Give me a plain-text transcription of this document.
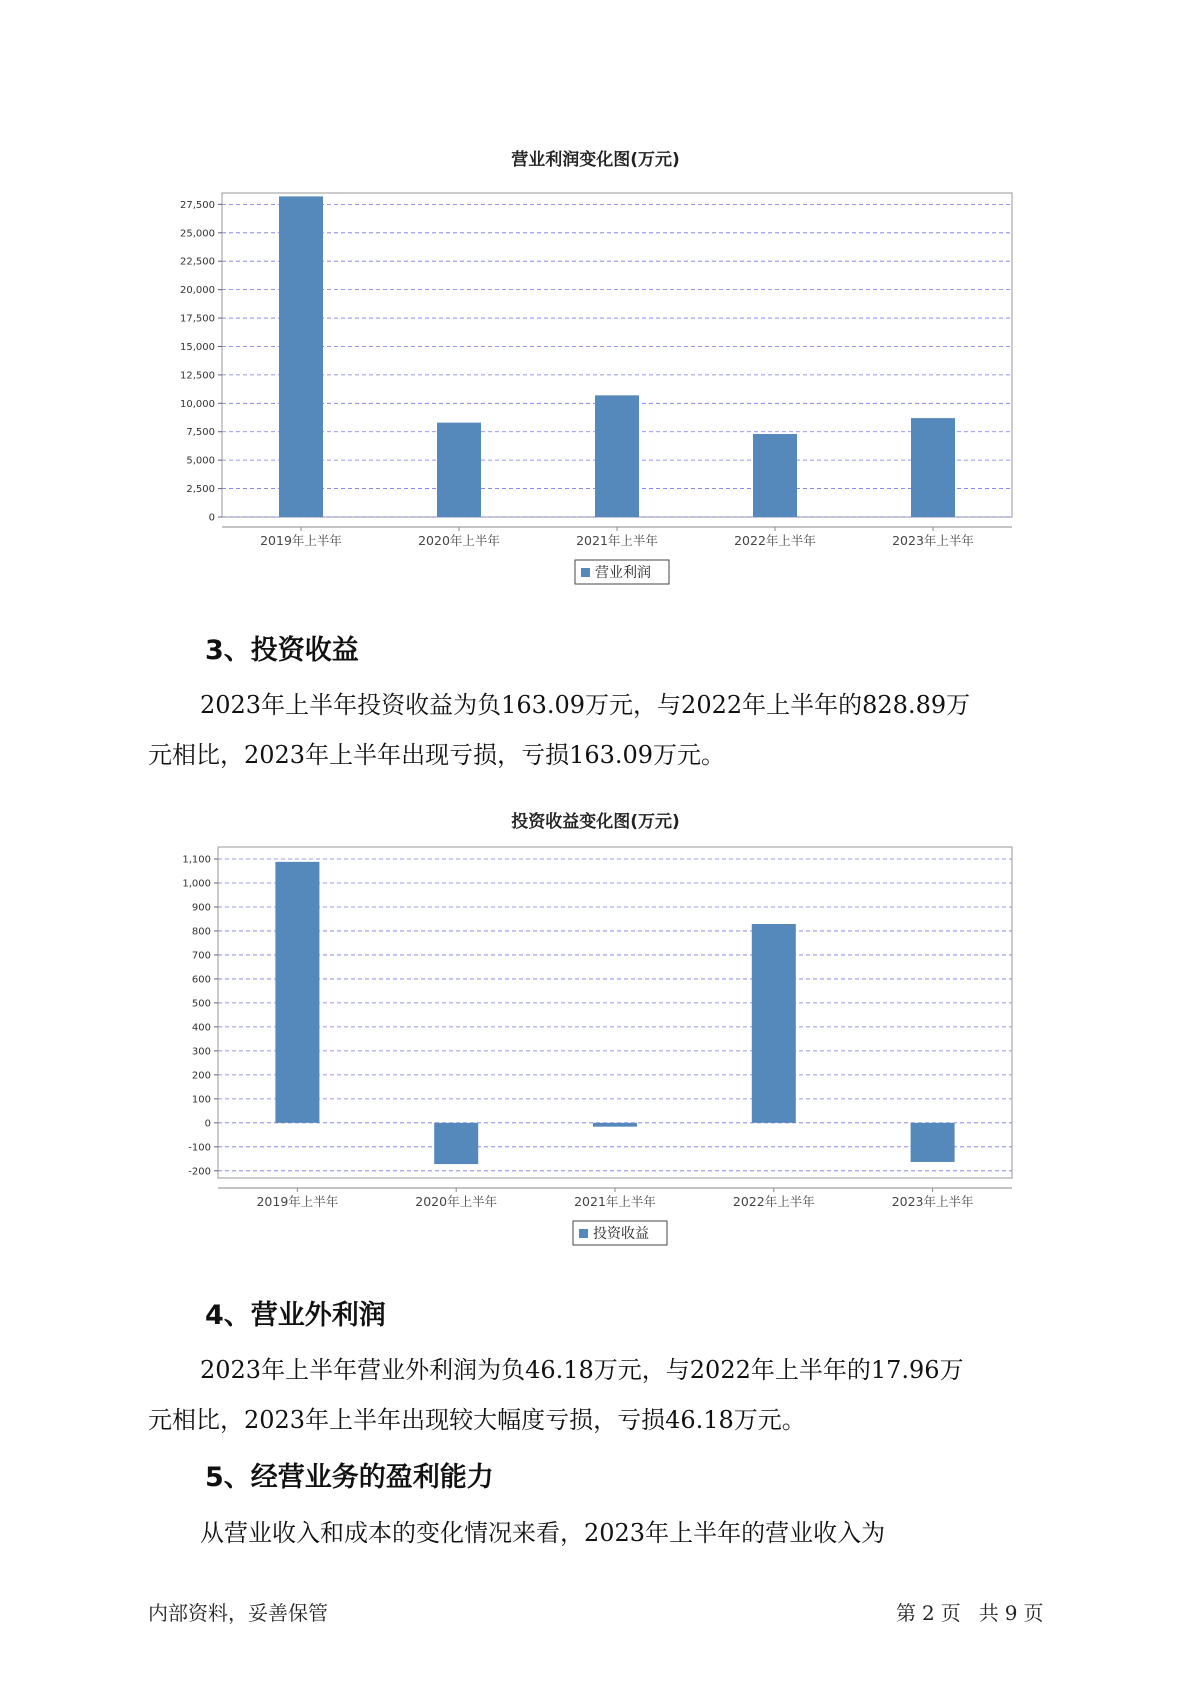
营业利润变化图(万元)
0
2,500
5,000
7,500
10,000
12,500
15,000
17,500
20,000
22,500
25,000
27,500
2019年上半年	2020年上半年	2021年上半年	2022年上半年	2023年上半年
营业利润
3、投资收益
2023年上半年投资收益为负163.09万元，与2022年上半年的828.89万
元相比，2023年上半年出现亏损，亏损163.09万元。
投资收益变化图(万元)
-200
-100
0
100
200
300
400
500
600
700
800
900
1,000
1,100
2019年上半年	2020年上半年	2021年上半年	2022年上半年	2023年上半年
投资收益
4、营业外利润
2023年上半年营业外利润为负46.18万元，与2022年上半年的17.96万
元相比，2023年上半年出现较大幅度亏损，亏损46.18万元。
5、经营业务的盈利能力
从营业收入和成本的变化情况来看，2023年上半年的营业收入为
内部资料，妥善保管	第 2 页 共 9 页
